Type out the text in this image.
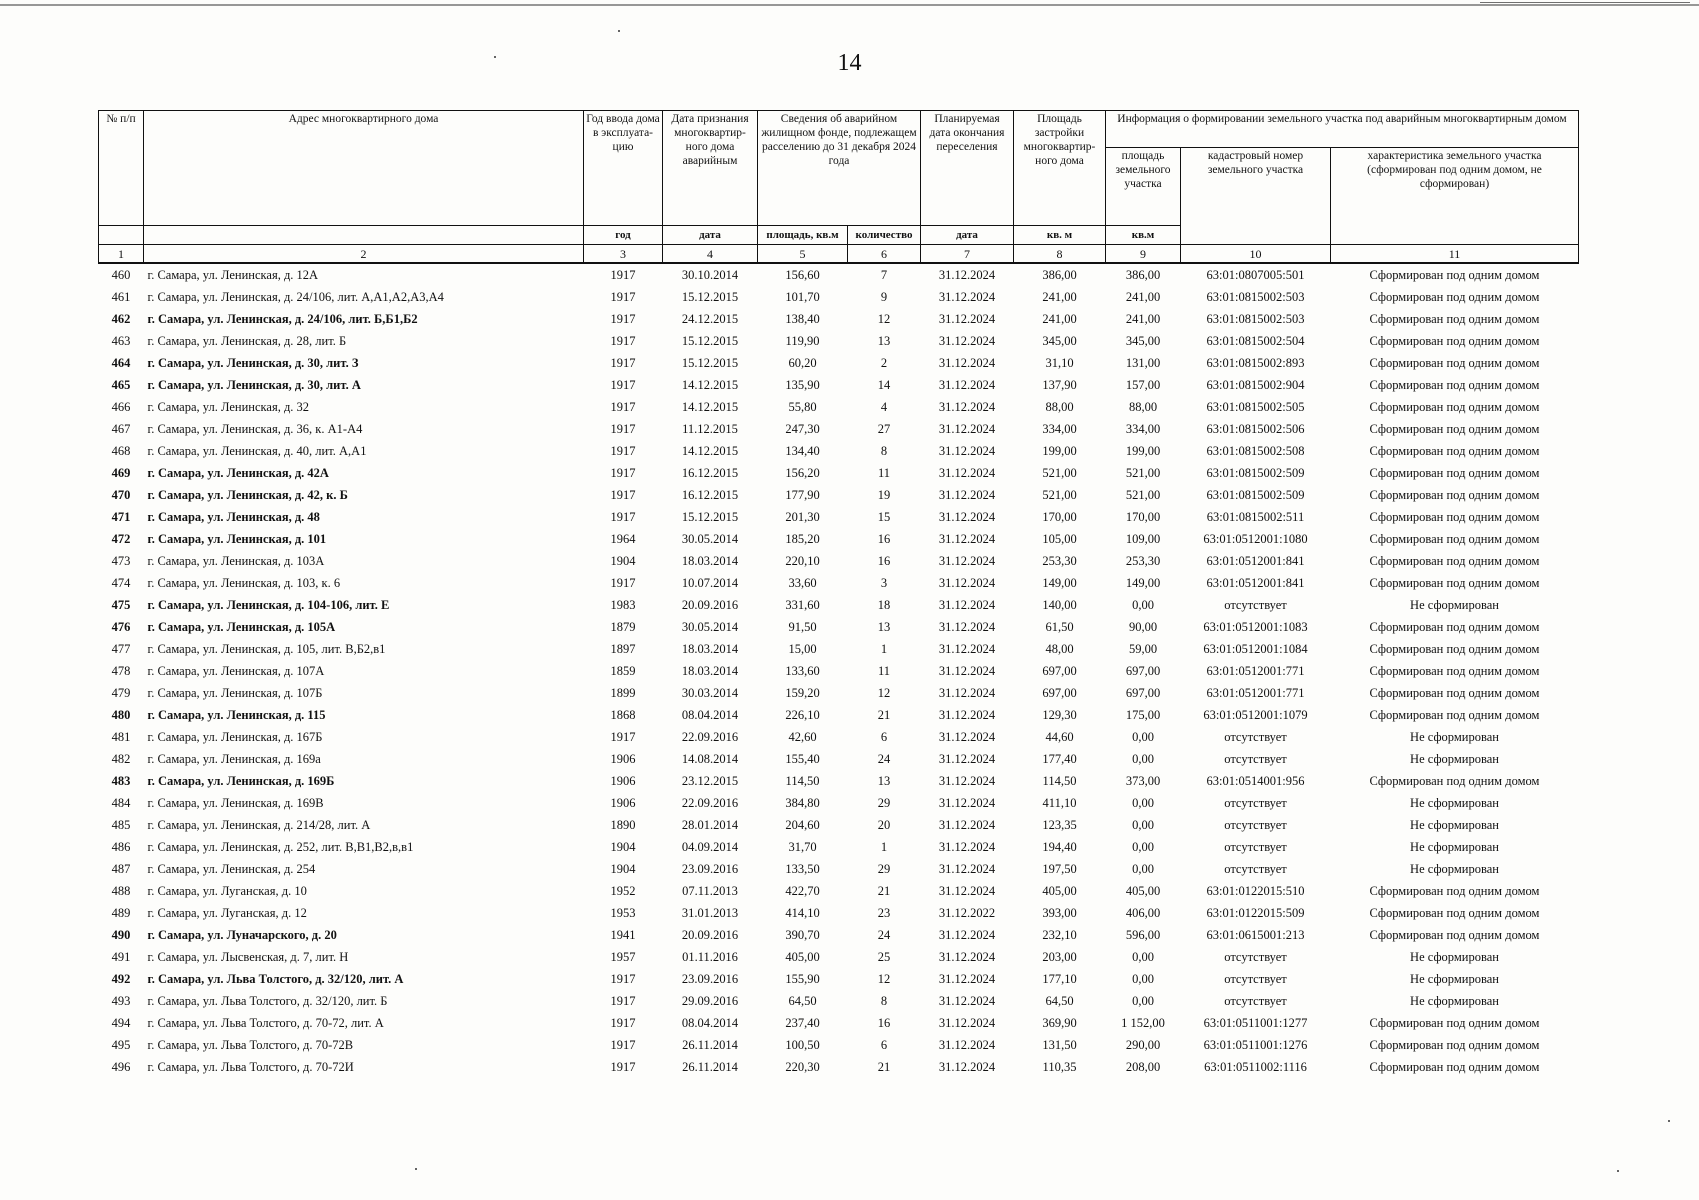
14
№ п/п	Адрес многоквартирного дома	Год ввода дома в эксплуата-цию	Дата признания многоквартир-ного дома аварийным	Сведения об аварийном жилищном фонде, подлежащем расселению до 31 декабря 2024 года		Планируемая дата окончания переселения	Площадь застройки многоквартир-ного дома	Информация о формировании земельного участка под аварийным многоквартирным домом		
								площадь земельного участка	кадастровый номер земельного участка	характеристика земельного участка (сформирован под одним домом, не сформирован)
		год	дата	площадь, кв.м	количество	дата	кв. м	кв.м		
1	2	3	4	5	6	7	8	9	10	11
460	г. Самара, ул. Ленинская, д. 12А	1917	30.10.2014	156,60	7	31.12.2024	386,00	386,00	63:01:0807005:501	Сформирован под одним домом
461	г. Самара, ул. Ленинская, д. 24/106, лит. А,А1,А2,А3,А4	1917	15.12.2015	101,70	9	31.12.2024	241,00	241,00	63:01:0815002:503	Сформирован под одним домом
462	г. Самара, ул. Ленинская, д. 24/106, лит. Б,Б1,Б2	1917	24.12.2015	138,40	12	31.12.2024	241,00	241,00	63:01:0815002:503	Сформирован под одним домом
463	г. Самара, ул. Ленинская, д. 28, лит. Б	1917	15.12.2015	119,90	13	31.12.2024	345,00	345,00	63:01:0815002:504	Сформирован под одним домом
464	г. Самара, ул. Ленинская, д. 30, лит. З	1917	15.12.2015	60,20	2	31.12.2024	31,10	131,00	63:01:0815002:893	Сформирован под одним домом
465	г. Самара, ул. Ленинская, д. 30, лит. А	1917	14.12.2015	135,90	14	31.12.2024	137,90	157,00	63:01:0815002:904	Сформирован под одним домом
466	г. Самара, ул. Ленинская, д. 32	1917	14.12.2015	55,80	4	31.12.2024	88,00	88,00	63:01:0815002:505	Сформирован под одним домом
467	г. Самара, ул. Ленинская, д. 36, к. А1-А4	1917	11.12.2015	247,30	27	31.12.2024	334,00	334,00	63:01:0815002:506	Сформирован под одним домом
468	г. Самара, ул. Ленинская, д. 40, лит. А,А1	1917	14.12.2015	134,40	8	31.12.2024	199,00	199,00	63:01:0815002:508	Сформирован под одним домом
469	г. Самара, ул. Ленинская, д. 42А	1917	16.12.2015	156,20	11	31.12.2024	521,00	521,00	63:01:0815002:509	Сформирован под одним домом
470	г. Самара, ул. Ленинская, д. 42, к. Б	1917	16.12.2015	177,90	19	31.12.2024	521,00	521,00	63:01:0815002:509	Сформирован под одним домом
471	г. Самара, ул. Ленинская, д. 48	1917	15.12.2015	201,30	15	31.12.2024	170,00	170,00	63:01:0815002:511	Сформирован под одним домом
472	г. Самара, ул. Ленинская, д. 101	1964	30.05.2014	185,20	16	31.12.2024	105,00	109,00	63:01:0512001:1080	Сформирован под одним домом
473	г. Самара, ул. Ленинская, д. 103А	1904	18.03.2014	220,10	16	31.12.2024	253,30	253,30	63:01:0512001:841	Сформирован под одним домом
474	г. Самара, ул. Ленинская, д. 103, к. 6	1917	10.07.2014	33,60	3	31.12.2024	149,00	149,00	63:01:0512001:841	Сформирован под одним домом
475	г. Самара, ул. Ленинская, д. 104-106, лит. Е	1983	20.09.2016	331,60	18	31.12.2024	140,00	0,00	отсутствует	Не сформирован
476	г. Самара, ул. Ленинская, д. 105А	1879	30.05.2014	91,50	13	31.12.2024	61,50	90,00	63:01:0512001:1083	Сформирован под одним домом
477	г. Самара, ул. Ленинская, д. 105, лит. В,Б2,в1	1897	18.03.2014	15,00	1	31.12.2024	48,00	59,00	63:01:0512001:1084	Сформирован под одним домом
478	г. Самара, ул. Ленинская, д. 107А	1859	18.03.2014	133,60	11	31.12.2024	697,00	697,00	63:01:0512001:771	Сформирован под одним домом
479	г. Самара, ул. Ленинская, д. 107Б	1899	30.03.2014	159,20	12	31.12.2024	697,00	697,00	63:01:0512001:771	Сформирован под одним домом
480	г. Самара, ул. Ленинская, д. 115	1868	08.04.2014	226,10	21	31.12.2024	129,30	175,00	63:01:0512001:1079	Сформирован под одним домом
481	г. Самара, ул. Ленинская, д. 167Б	1917	22.09.2016	42,60	6	31.12.2024	44,60	0,00	отсутствует	Не сформирован
482	г. Самара, ул. Ленинская, д. 169а	1906	14.08.2014	155,40	24	31.12.2024	177,40	0,00	отсутствует	Не сформирован
483	г. Самара, ул. Ленинская, д. 169Б	1906	23.12.2015	114,50	13	31.12.2024	114,50	373,00	63:01:0514001:956	Сформирован под одним домом
484	г. Самара, ул. Ленинская, д. 169В	1906	22.09.2016	384,80	29	31.12.2024	411,10	0,00	отсутствует	Не сформирован
485	г. Самара, ул. Ленинская, д. 214/28, лит. А	1890	28.01.2014	204,60	20	31.12.2024	123,35	0,00	отсутствует	Не сформирован
486	г. Самара, ул. Ленинская, д. 252, лит. В,В1,В2,в,в1	1904	04.09.2014	31,70	1	31.12.2024	194,40	0,00	отсутствует	Не сформирован
487	г. Самара, ул. Ленинская, д. 254	1904	23.09.2016	133,50	29	31.12.2024	197,50	0,00	отсутствует	Не сформирован
488	г. Самара, ул. Луганская, д. 10	1952	07.11.2013	422,70	21	31.12.2024	405,00	405,00	63:01:0122015:510	Сформирован под одним домом
489	г. Самара, ул. Луганская, д. 12	1953	31.01.2013	414,10	23	31.12.2022	393,00	406,00	63:01:0122015:509	Сформирован под одним домом
490	г. Самара, ул. Луначарского, д. 20	1941	20.09.2016	390,70	24	31.12.2024	232,10	596,00	63:01:0615001:213	Сформирован под одним домом
491	г. Самара, ул. Лысвенская, д. 7, лит. Н	1957	01.11.2016	405,00	25	31.12.2024	203,00	0,00	отсутствует	Не сформирован
492	г. Самара, ул. Льва Толстого, д. 32/120, лит. А	1917	23.09.2016	155,90	12	31.12.2024	177,10	0,00	отсутствует	Не сформирован
493	г. Самара, ул. Льва Толстого, д. 32/120, лит. Б	1917	29.09.2016	64,50	8	31.12.2024	64,50	0,00	отсутствует	Не сформирован
494	г. Самара, ул. Льва Толстого, д. 70-72, лит. А	1917	08.04.2014	237,40	16	31.12.2024	369,90	1 152,00	63:01:0511001:1277	Сформирован под одним домом
495	г. Самара, ул. Льва Толстого, д. 70-72В	1917	26.11.2014	100,50	6	31.12.2024	131,50	290,00	63:01:0511001:1276	Сформирован под одним домом
496	г. Самара, ул. Льва Толстого, д. 70-72И	1917	26.11.2014	220,30	21	31.12.2024	110,35	208,00	63:01:0511002:1116	Сформирован под одним домом
